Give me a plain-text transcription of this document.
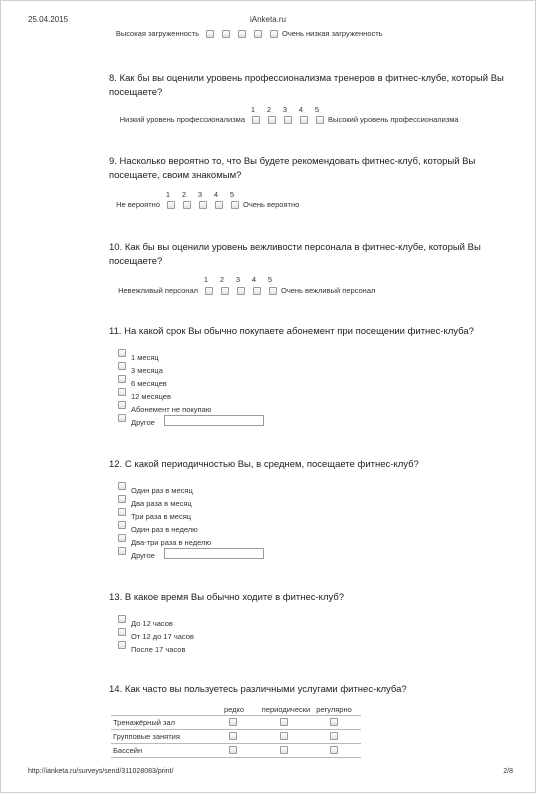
25.04.2015	iAnketa.ru
Высокая загруженность	Очень низкая загруженность
8. Как бы вы оценили уровень профессионализма тренеров в фитнес-клубе, который Вы посещаете?
1 2 3 4 5
Низкий уровень профессионализма	Высокий уровень профессионализма
9. Насколько вероятно то, что Вы будете рекомендовать фитнес-клуб, который Вы посещаете, своим знакомым?
1 2 3 4 5
Не вероятно	Очень вероятно
10. Как бы вы оценили уровень вежливости персонала в фитнес-клубе, который Вы посещаете?
1 2 3 4 5
Невежливый персонал	Очень вежливый персонал
11. На какой срок Вы обычно покупаете абонемент при посещении фитнес-клуба?
1 месяц
3 месяца
6 месяцев
12 месяцев
Абонемент не покупаю
Другое
12. С какой периодичностью Вы, в среднем, посещаете фитнес-клуб?
Один раз в месяц
Два раза в месяц
Три раза в месяц
Один раз в неделю
Два-три раза в неделю
Другое
13. В какое время Вы обычно ходите в фитнес-клуб?
До 12 часов
От 12 до 17 часов
После 17 часов
14. Как часто вы пользуетесь различными услугами фитнес-клуба?
редко	периодически регулярно
Тренажёрный зал
Групповые занятия
Бассейн
http://ianketa.ru/surveys/send/311028083/print/	2/8
